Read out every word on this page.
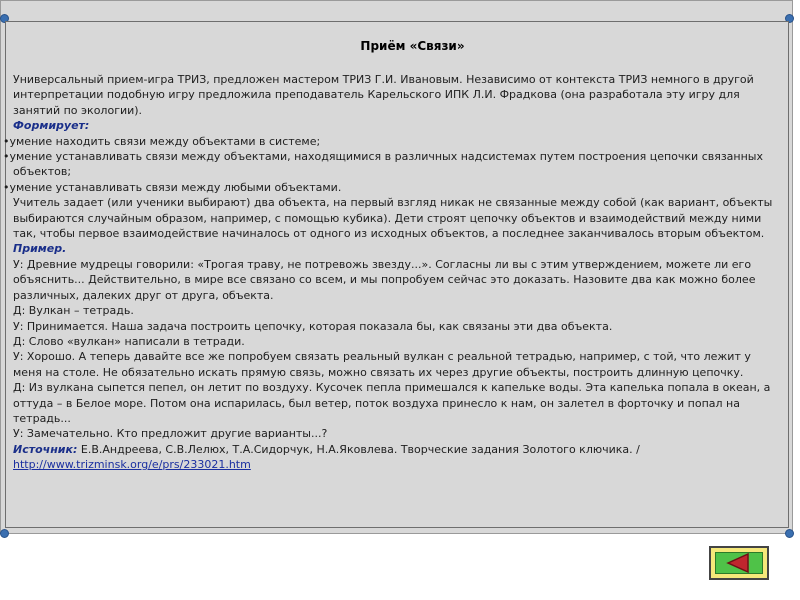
Приём «Связи»

Универсальный прием-игра ТРИЗ, предложен мастером ТРИЗ Г.И. Ивановым. Независимо от контекста ТРИЗ немного в другой интерпретации подобную игру предложила преподаватель Карельского ИПК Л.И. Фрадкова (она разработала эту игру для занятий по экологии).

Формирует:

•умение находить связи между объектами в системе;

•умение устанавливать связи между объектами, находящимися в различных надсистемах путем построения цепочки связанных объектов;

•умение устанавливать связи между любыми объектами.

Учитель задает (или ученики выбирают) два объекта, на первый взгляд никак не связанные между собой (как вариант, объекты выбираются случайным образом, например, с помощью кубика). Дети строят цепочку объектов и взаимодействий между ними так, чтобы первое взаимодействие начиналось от одного из исходных объектов, а последнее заканчивалось вторым объектом.

Пример.

У: Древние мудрецы говорили: «Трогая траву, не потревожь звезду...». Согласны ли вы с этим утверждением, можете ли его объяснить... Действительно, в мире все связано со всем, и мы попробуем сейчас это доказать. Назовите два как можно более различных, далеких друг от друга, объекта.

Д: Вулкан – тетрадь.

У: Принимается. Наша задача построить цепочку, которая показала бы, как связаны эти два объекта.

Д: Слово «вулкан» написали в тетради.

У: Хорошо. А теперь давайте все же попробуем связать реальный вулкан с реальной тетрадью, например, с той, что лежит у меня на столе. Не обязательно искать прямую связь, можно связать их через другие объекты, построить длинную цепочку.

Д: Из вулкана сыпется пепел, он летит по воздуху. Кусочек пепла примешался к капельке воды. Эта капелька попала в океан, а оттуда – в Белое море. Потом она испарилась, был ветер, поток воздуха принесло к нам, он залетел в форточку и попал на тетрадь...

У: Замечательно. Кто предложит другие варианты...?

Источник: Е.В.Андреева, С.В.Лелюх, Т.А.Сидорчук, Н.А.Яковлева. Творческие задания Золотого ключика. /
http://www.trizminsk.org/e/prs/233021.htm
